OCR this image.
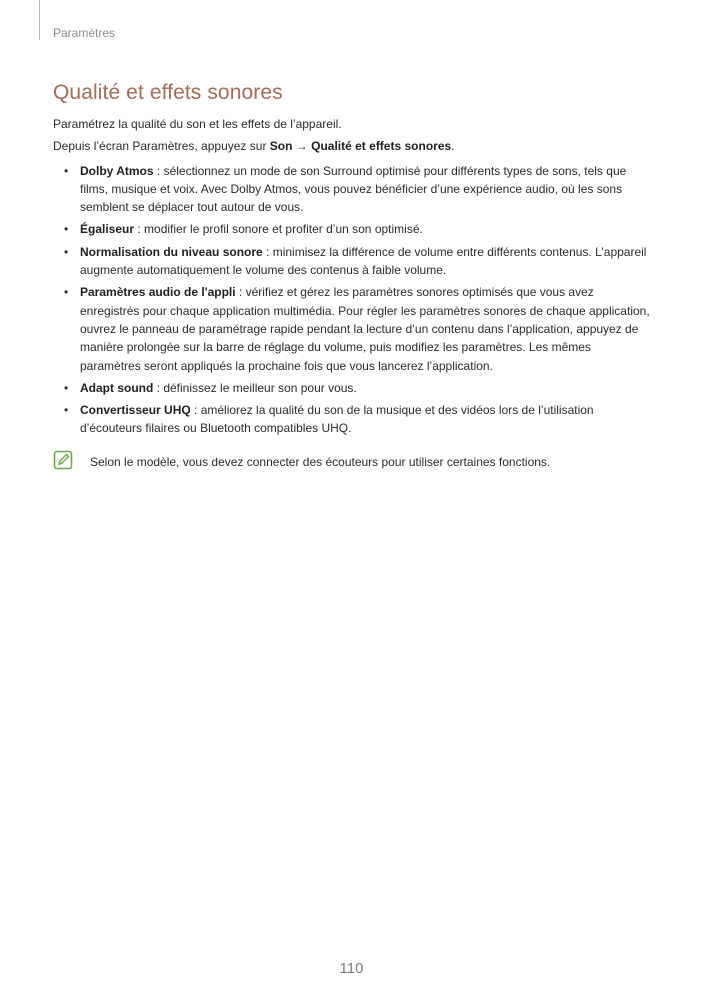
Paramètres
Qualité et effets sonores

Paramétrez la qualité du son et les effets de l’appareil.

Depuis l’écran Paramètres, appuyez sur Son → Qualité et effets sonores.

• Dolby Atmos : sélectionnez un mode de son Surround optimisé pour différents types de sons, tels que films, musique et voix. Avec Dolby Atmos, vous pouvez bénéficier d’une expérience audio, où les sons semblent se déplacer tout autour de vous.
• Égaliseur : modifier le profil sonore et profiter d’un son optimisé.
• Normalisation du niveau sonore : minimisez la différence de volume entre différents contenus. L’appareil augmente automatiquement le volume des contenus à faible volume.
• Paramètres audio de l'appli : vérifiez et gérez les paramètres sonores optimisés que vous avez enregistrés pour chaque application multimédia. Pour régler les paramètres sonores de chaque application, ouvrez le panneau de paramétrage rapide pendant la lecture d’un contenu dans l’application, appuyez de manière prolongée sur la barre de réglage du volume, puis modifiez les paramètres. Les mêmes paramètres seront appliqués la prochaine fois que vous lancerez l’application.
• Adapt sound : définissez le meilleur son pour vous.
• Convertisseur UHQ : améliorez la qualité du son de la musique et des vidéos lors de l’utilisation d’écouteurs filaires ou Bluetooth compatibles UHQ.
Selon le modèle, vous devez connecter des écouteurs pour utiliser certaines fonctions.
110
